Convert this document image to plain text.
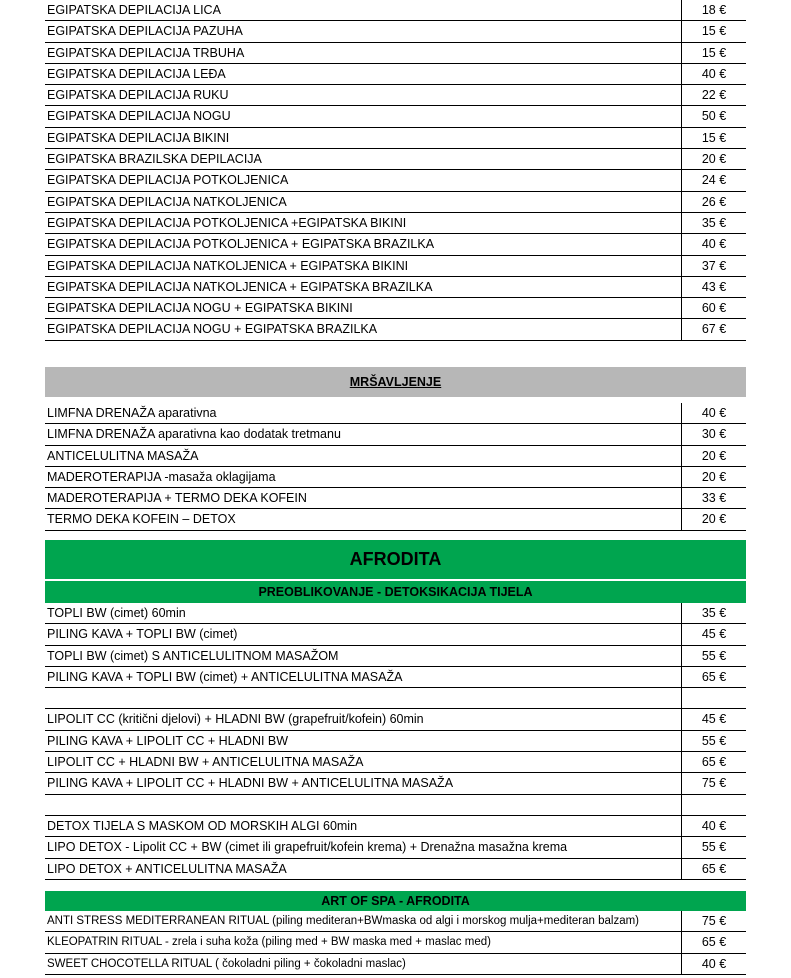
EGIPATSKA DEPILACIJA LICA	18 €
EGIPATSKA DEPILACIJA PAZUHA	15 €
EGIPATSKA DEPILACIJA TRBUHA	15 €
EGIPATSKA DEPILACIJA LEĐA	40 €
EGIPATSKA DEPILACIJA RUKU	22 €
EGIPATSKA DEPILACIJA NOGU	50 €
EGIPATSKA DEPILACIJA BIKINI	15 €
EGIPATSKA BRAZILSKA DEPILACIJA	20 €
EGIPATSKA DEPILACIJA POTKOLJENICA	24 €
EGIPATSKA DEPILACIJA NATKOLJENICA	26 €
EGIPATSKA DEPILACIJA POTKOLJENICA +EGIPATSKA BIKINI	35 €
EGIPATSKA DEPILACIJA POTKOLJENICA + EGIPATSKA BRAZILKA	40 €
EGIPATSKA DEPILACIJA NATKOLJENICA + EGIPATSKA BIKINI	37 €
EGIPATSKA DEPILACIJA NATKOLJENICA + EGIPATSKA BRAZILKA	43 €
EGIPATSKA DEPILACIJA NOGU + EGIPATSKA BIKINI	60 €
EGIPATSKA DEPILACIJA NOGU + EGIPATSKA BRAZILKA	67 €
MRŠAVLJENJE
LIMFNA DRENAŽA aparativna	40 €
LIMFNA DRENAŽA aparativna kao dodatak tretmanu	30 €
ANTICELULITNA MASAŽA	20 €
MADEROTERAPIJA -masaža oklagijama	20 €
MADEROTERAPIJA + TERMO DEKA KOFEIN	33 €
TERMO DEKA KOFEIN – DETOX	20 €
AFRODITA
PREOBLIKOVANJE - DETOKSIKACIJA TIJELA
TOPLI BW (cimet) 60min	35 €
PILING KAVA + TOPLI BW (cimet)	45 €
TOPLI BW (cimet) S ANTICELULITNOM MASAŽOM	55 €
PILING KAVA + TOPLI BW (cimet) + ANTICELULITNA MASAŽA	65 €
LIPOLIT CC (kritični djelovi) + HLADNI BW (grapefruit/kofein) 60min	45 €
PILING KAVA + LIPOLIT CC + HLADNI BW	55 €
LIPOLIT CC + HLADNI BW + ANTICELULITNA MASAŽA	65 €
PILING KAVA + LIPOLIT CC + HLADNI BW + ANTICELULITNA MASAŽA	75 €
DETOX TIJELA S MASKOM OD MORSKIH ALGI 60min	40 €
LIPO DETOX - Lipolit CC + BW (cimet ili grapefruit/kofein krema) + Drenažna masažna krema	55 €
LIPO DETOX + ANTICELULITNA MASAŽA	65 €
ART OF SPA - AFRODITA
ANTI STRESS MEDITERRANEAN RITUAL (piling mediteran+BWmaska od algi i morskog mulja+mediteran balzam)	75 €
KLEOPATRIN RITUAL - zrela i suha koža (piling med + BW maska med + maslac med)	65 €
SWEET CHOCOTELLA RITUAL ( čokoladni piling + čokoladni maslac)	40 €
